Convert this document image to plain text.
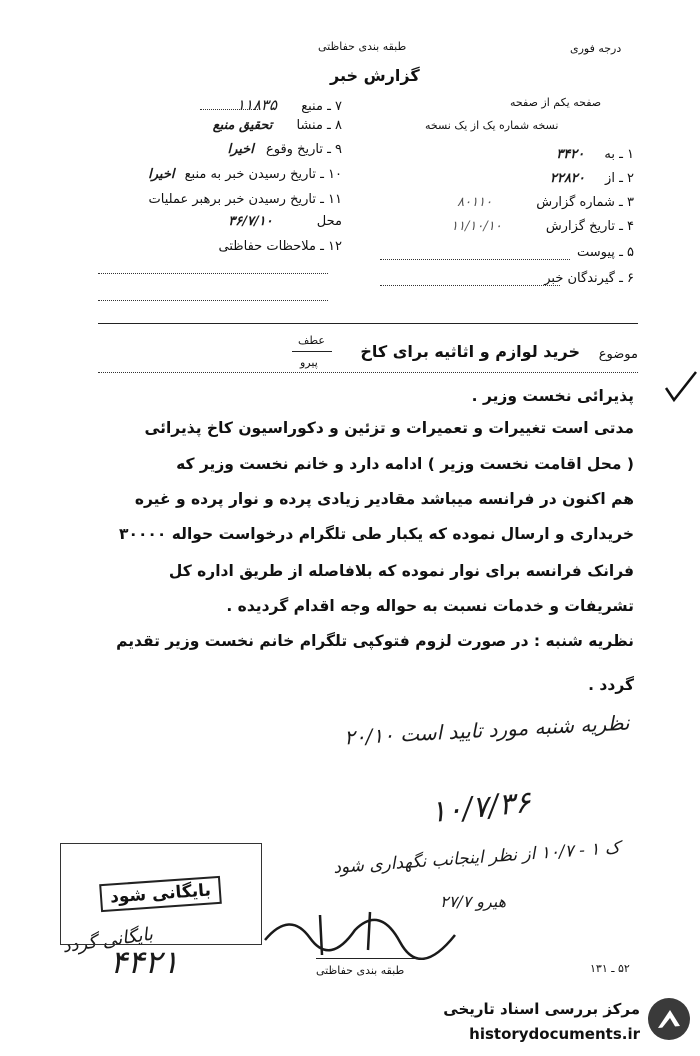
طبقه بندی حفاظتی	درجه فوری
گزارش خبر
صفحه یکم از صفحه
نسخه شماره یک از یک نسخه
۷ ـ منبع ۱۱۸۳۵
۸ ـ منشا تحقیق منبع
۹ ـ تاریخ وقوع اخیرا
۱۰ ـ تاریخ رسیدن خبر به منبع اخیرا
۱۱ ـ تاریخ رسیدن خبر برهبر عملیات
محل ۳۶/۷/۱۰
۱۲ ـ ملاحظات حفاظتی
۱ ـ به ۳۴۲۰
۲ ـ از ۲۲۸۲۰
۳ ـ شماره گزارش ۸۰۱۱۰
۴ ـ تاریخ گزارش ۱۱/۱۰/۱۰
۵ ـ پیوست
۶ ـ گیرندگان خبر
موضوع
خرید لوازم و اثاثیه برای کاخ
عطف
پیرو
پذیرائی نخست وزیر .
مدتی است تغییرات و تعمیرات و تزئین و دکوراسیون کاخ پذیرائی
( محل اقامت نخست وزیر ) ادامه دارد و خانم نخست وزیر که
هم اکنون در فرانسه میباشد مقادیر زیادی پرده و نوار پرده و غیره
خریداری و ارسال نموده که یکبار طی تلگرام درخواست حواله ۳۰۰۰۰
فرانک فرانسه برای نوار نموده که بلافاصله از طریق اداره کل
تشریفات و خدمات نسبت به حواله وجه اقدام گردیده .
نظریه شنبه : در صورت لزوم فتوکپی تلگرام خانم نخست وزیر تقدیم
گردد .
نظریه شنبه مورد تایید است ۲۰/۱۰
۱۰/۷/۳۶
ک ۱ - ۱۰/۷ از نظر اینجانب نگهداری شود
هیرو ۲۷/۷
بایگانی گردد
بایگانی شود
۴۴۲۱	طبقه بندی حفاظتی	۵۲ ـ ۱۳۱
مرکز بررسی اسناد تاریخی
historydocuments.ir
